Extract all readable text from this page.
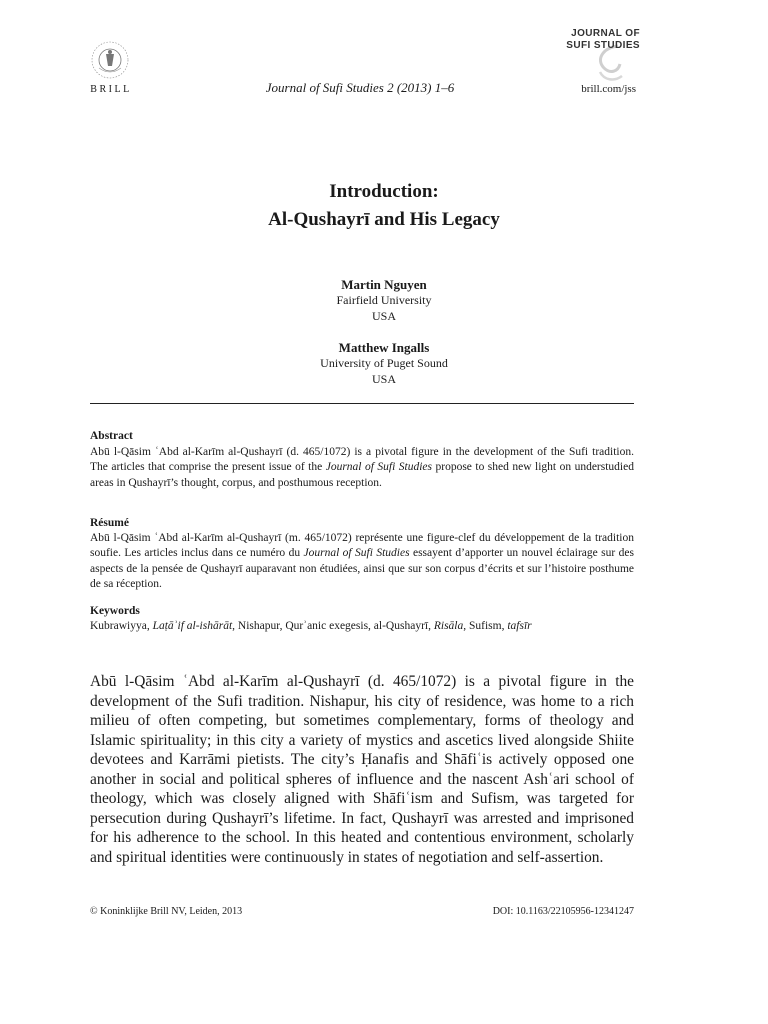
BRILL	Journal of Sufi Studies 2 (2013) 1–6
JOURNAL OF
SUFI STUDIES
brill.com/jss
Introduction:
Al-Qushayrī and His Legacy
Martin Nguyen
Fairfield University
USA
Matthew Ingalls
University of Puget Sound
USA
Abstract

Abū l-Qāsim ʿAbd al-Karīm al-Qushayrī (d. 465/1072) is a pivotal figure in the development of the Sufi tradition. The articles that comprise the present issue of the Journal of Sufi Studies propose to shed new light on understudied areas in Qushayrī’s thought, corpus, and posthumous reception.

Résumé

Abū l-Qāsim ʿAbd al-Karīm al-Qushayrī (m. 465/1072) représente une figure-clef du développement de la tradition soufie. Les articles inclus dans ce numéro du Journal of Sufi Studies essayent d’apporter un nouvel éclairage sur des aspects de la pensée de Qushayrī auparavant non étudiées, ainsi que sur son corpus d’écrits et sur l’histoire posthume de sa réception.

Keywords

Kubrawiyya, Laṭāʾif al-ishārāt, Nishapur, Qurʾanic exegesis, al-Qushayrī, Risāla, Sufism, tafsīr

Abū l-Qāsim ʿAbd al-Karīm al-Qushayrī (d. 465/1072) is a pivotal figure in the development of the Sufi tradition. Nishapur, his city of residence, was home to a rich milieu of often competing, but sometimes complementary, forms of theology and Islamic spirituality; in this city a variety of mystics and ascetics lived alongside Shiite devotees and Karrāmi pietists. The city’s Ḥanafis and Shāfiʿis actively opposed one another in social and political spheres of influence and the nascent Ashʿari school of theology, which was closely aligned with Shāfiʿism and Sufism, was targeted for persecution during Qushayrī’s lifetime. In fact, Qushayrī was arrested and imprisoned for his adherence to the school. In this heated and contentious environment, scholarly and spiritual identities were continuously in states of negotiation and self-assertion.

© Koninklijke Brill NV, Leiden, 2013	DOI: 10.1163/22105956-12341247
